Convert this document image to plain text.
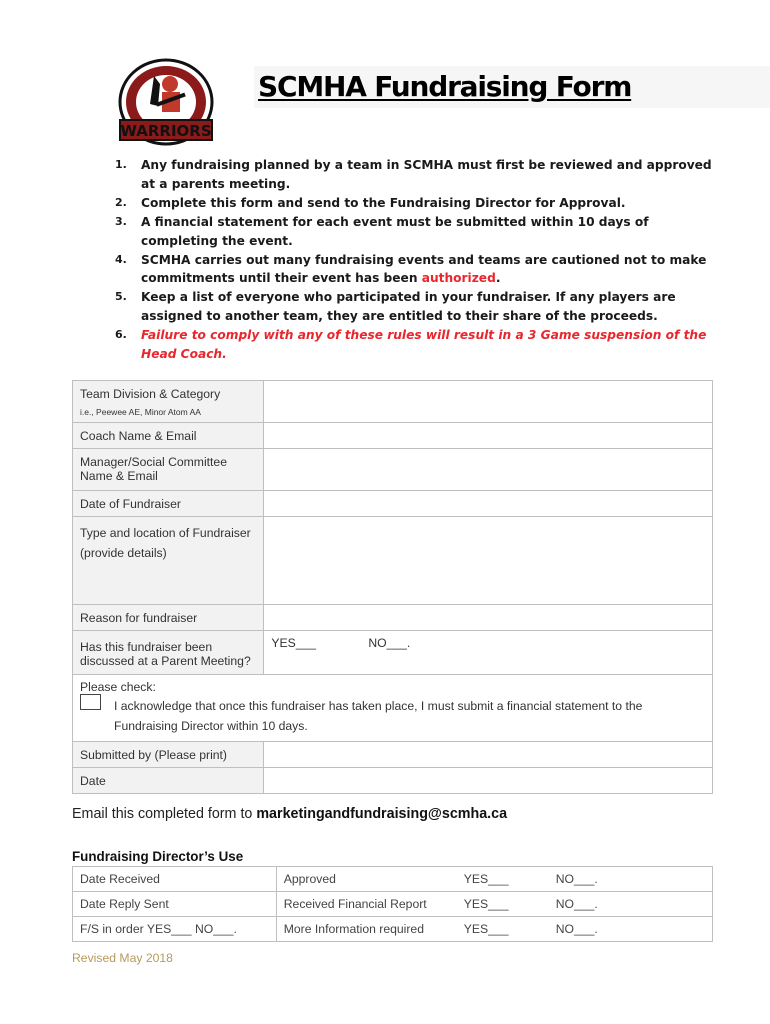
WARRIORS
SCMHA Fundraising Form
1. Any fundraising planned by a team in SCMHA must first be reviewed and approved at a parents meeting.
2. Complete this form and send to the Fundraising Director for Approval.
3. A financial statement for each event must be submitted within 10 days of completing the event.
4. SCMHA carries out many fundraising events and teams are cautioned not to make commitments until their event has been authorized.
5. Keep a list of everyone who participated in your fundraiser. If any players are assigned to another team, they are entitled to their share of the proceeds.
6. Failure to comply with any of these rules will result in a 3 Game suspension of the Head Coach.
Team Division & Category
i.e., Peewee AE, Minor Atom AA	

Coach Name & Email	
Manager/Social Committee Name & Email	
Date of Fundraiser	

Type and location of Fundraiser
(provide details)	

Reason for fundraiser	
Has this fundraiser been discussed at a Parent Meeting?	YES___ NO___.

Please check:
I acknowledge that once this fundraiser has taken place, I must submit a financial statement to the Fundraising Director within 10 days.	

Submitted by (Please print)	
Date	
Email this completed form to marketingandfundraising@scmha.ca
Fundraising Director’s Use
Date Received	Approved YES___ NO___.

Date Reply Sent	Received Financial Report YES___ NO___.

F/S in order YES___ NO___.	More Information required YES___ NO___.
Revised May 2018
